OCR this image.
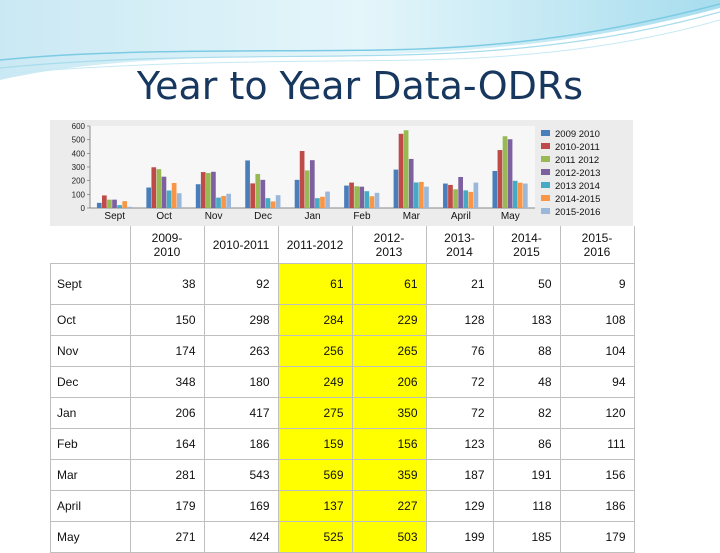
Year to Year Data-ODRs
0
100
200
300
400
500
600
Sept	Oct	Nov	Dec	Jan	Feb	Mar	April	May
2009 2010
2010-2011
2011 2012
2012-2013
2013 2014
2014-2015
2015-2016
	2009-2010	2010-2011	2011-2012	2012-2013	2013-2014	2014-2015	2015-2016
Sept	38	92	61	61	21	50	9
Oct	150	298	284	229	128	183	108
Nov	174	263	256	265	76	88	104
Dec	348	180	249	206	72	48	94
Jan	206	417	275	350	72	82	120
Feb	164	186	159	156	123	86	111
Mar	281	543	569	359	187	191	156
April	179	169	137	227	129	118	186
May	271	424	525	503	199	185	179
